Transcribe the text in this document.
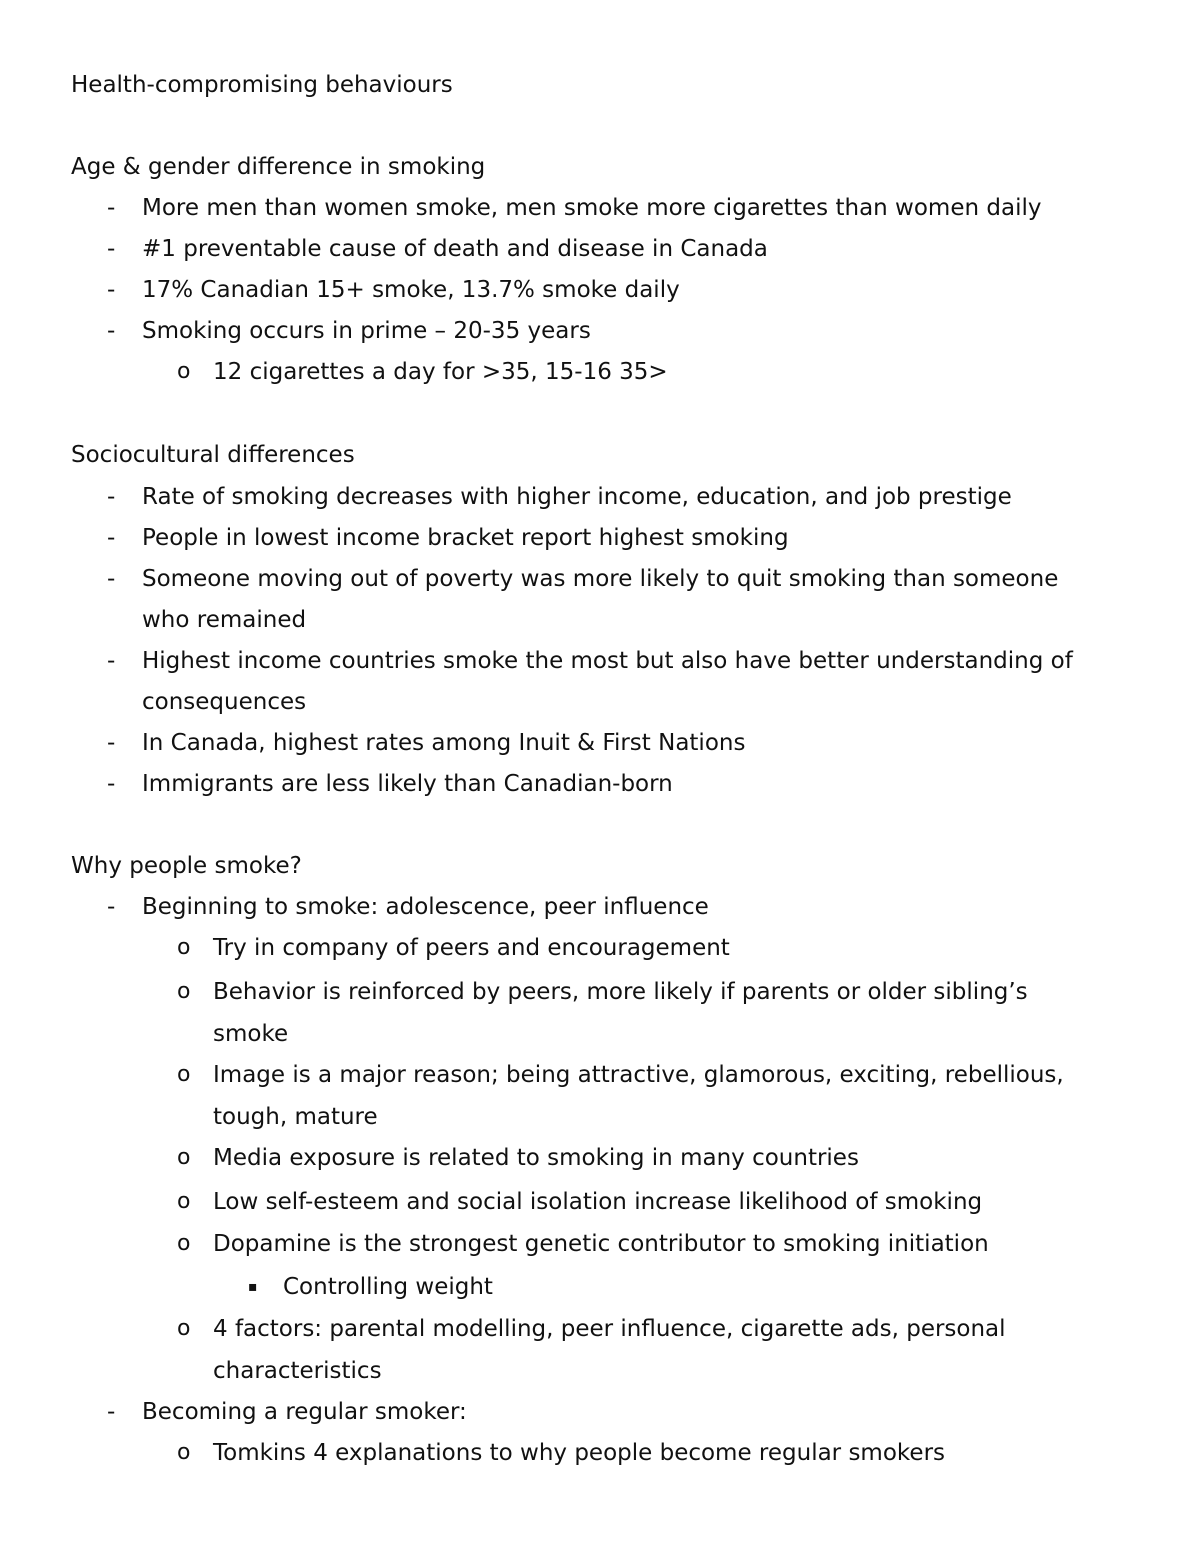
Health-compromising behaviours
Age & gender difference in smoking
- More men than women smoke, men smoke more cigarettes than women daily
- #1 preventable cause of death and disease in Canada
- 17% Canadian 15+ smoke, 13.7% smoke daily
- Smoking occurs in prime – 20-35 years
o 12 cigarettes a day for >35, 15-16 35>
Sociocultural differences
- Rate of smoking decreases with higher income, education, and job prestige
- People in lowest income bracket report highest smoking
- Someone moving out of poverty was more likely to quit smoking than someone
who remained
- Highest income countries smoke the most but also have better understanding of
consequences
- In Canada, highest rates among Inuit & First Nations
- Immigrants are less likely than Canadian-born
Why people smoke?
- Beginning to smoke: adolescence, peer influence
o Try in company of peers and encouragement
o Behavior is reinforced by peers, more likely if parents or older sibling’s
smoke
o Image is a major reason; being attractive, glamorous, exciting, rebellious,
tough, mature
o Media exposure is related to smoking in many countries
o Low self-esteem and social isolation increase likelihood of smoking
o Dopamine is the strongest genetic contributor to smoking initiation
▪ Controlling weight
o 4 factors: parental modelling, peer influence, cigarette ads, personal
characteristics
- Becoming a regular smoker:
o Tomkins 4 explanations to why people become regular smokers
